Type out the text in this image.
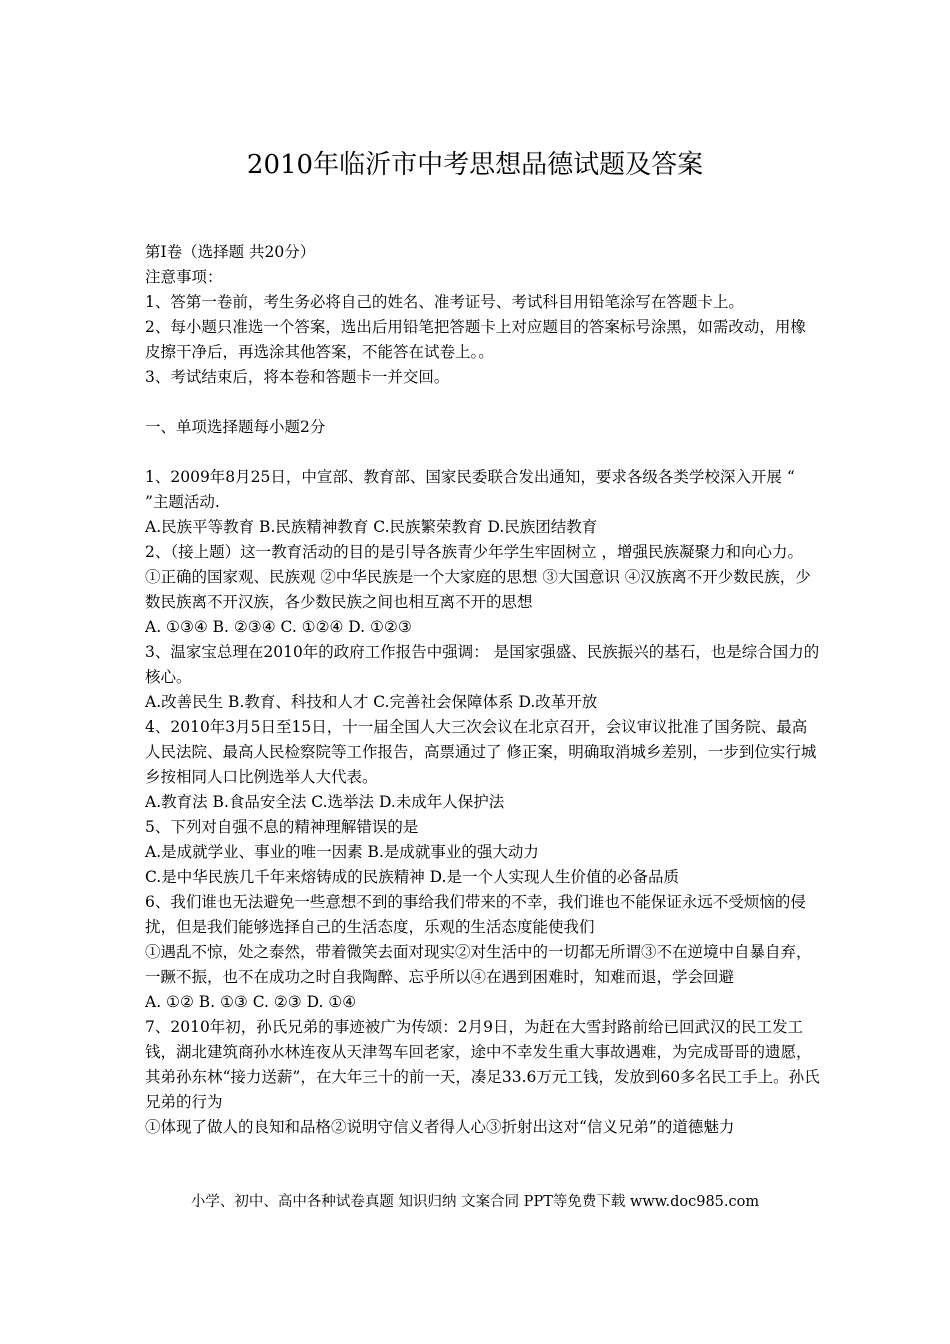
2010年临沂市中考思想品德试题及答案

第Ⅰ卷（选择题 共20分）

注意事项：

1、答第一卷前，考生务必将自己的姓名、准考证号、考试科目用铅笔涂写在答题卡上。

2、每小题只准选一个答案，选出后用铅笔把答题卡上对应题目的答案标号涂黑，如需改动，用橡皮擦干净后，再选涂其他答案，不能答在试卷上。。

3、考试结束后，将本卷和答题卡一并交回。

一、单项选择题每小题2分

1、2009年8月25日，中宣部、教育部、国家民委联合发出通知，要求各级各类学校深入开展 “ ”主题活动.

A.民族平等教育 B.民族精神教育 C.民族繁荣教育 D.民族团结教育

2、（接上题）这一教育活动的目的是引导各族青少年学生牢固树立 ，增强民族凝聚力和向心力。

①正确的国家观、民族观 ②中华民族是一个大家庭的思想 ③大国意识 ④汉族离不开少数民族，少数民族离不开汉族，各少数民族之间也相互离不开的思想

A. ①③④ B. ②③④ C. ①②④ D. ①②③

3、温家宝总理在2010年的政府工作报告中强调： 是国家强盛、民族振兴的基石，也是综合国力的核心。

A.改善民生 B.教育、科技和人才 C.完善社会保障体系 D.改革开放

4、2010年3月5日至15日，十一届全国人大三次会议在北京召开，会议审议批准了国务院、最高人民法院、最高人民检察院等工作报告，高票通过了 修正案，明确取消城乡差别，一步到位实行城乡按相同人口比例选举人大代表。

A.教育法 B.食品安全法 C.选举法 D.未成年人保护法

5、下列对自强不息的精神理解错误的是

A.是成就学业、事业的唯一因素 B.是成就事业的强大动力

C.是中华民族几千年来熔铸成的民族精神 D.是一个人实现人生价值的必备品质

6、我们谁也无法避免一些意想不到的事给我们带来的不幸，我们谁也不能保证永远不受烦恼的侵扰，但是我们能够选择自己的生活态度，乐观的生活态度能使我们

①遇乱不惊，处之泰然，带着微笑去面对现实②对生活中的一切都无所谓③不在逆境中自暴自弃，一蹶不振，也不在成功之时自我陶醉、忘乎所以④在遇到困难时，知难而退，学会回避

A. ①② B. ①③ C. ②③ D. ①④

7、2010年初，孙氏兄弟的事迹被广为传颂：2月9日，为赶在大雪封路前给已回武汉的民工发工钱，湖北建筑商孙水林连夜从天津驾车回老家，途中不幸发生重大事故遇难，为完成哥哥的遗愿，其弟孙东林“接力送薪”，在大年三十的前一天，凑足33.6万元工钱，发放到60多名民工手上。孙氏兄弟的行为

①体现了做人的良知和品格②说明守信义者得人心③折射出这对“信义兄弟”的道德魅力

小学、初中、高中各种试卷真题 知识归纳 文案合同 PPT等免费下载 www.doc985.com
